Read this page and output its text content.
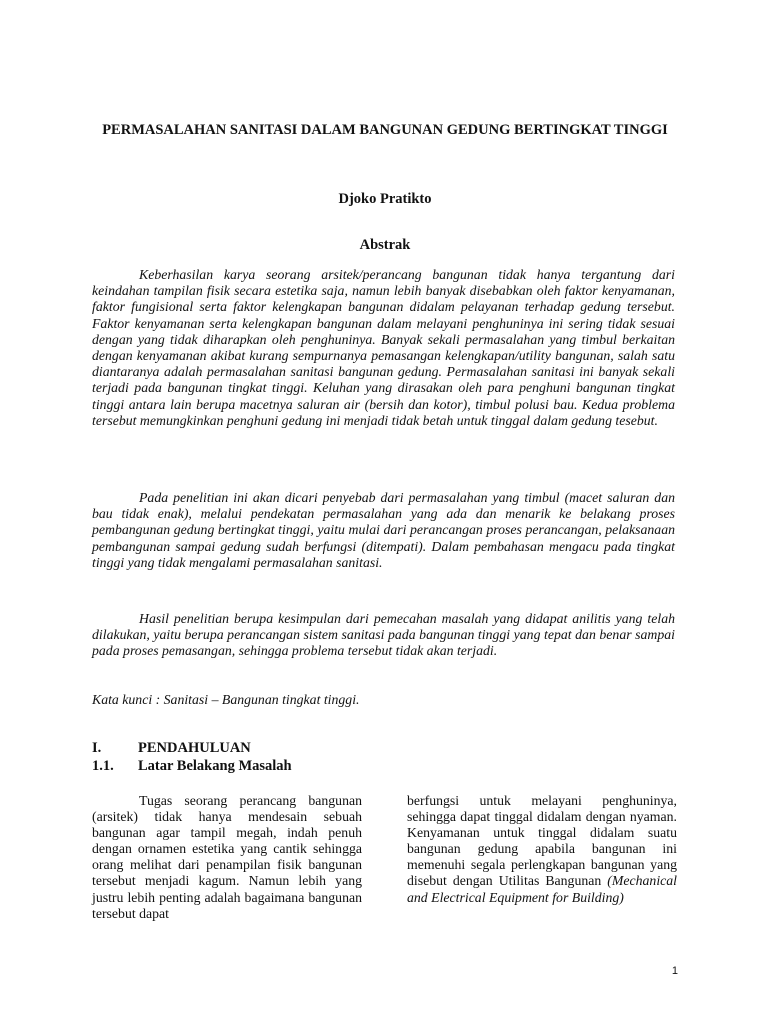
PERMASALAHAN SANITASI DALAM BANGUNAN GEDUNG BERTINGKAT TINGGI
Djoko Pratikto
Abstrak

Keberhasilan karya seorang arsitek/perancang bangunan tidak hanya tergantung dari keindahan tampilan fisik secara estetika saja, namun lebih banyak disebabkan oleh faktor kenyamanan, faktor fungisional serta faktor kelengkapan bangunan didalam pelayanan terhadap gedung tersebut. Faktor kenyamanan serta kelengkapan bangunan dalam melayani penghuninya ini sering tidak sesuai dengan yang tidak diharapkan oleh penghuninya. Banyak sekali permasalahan yang timbul berkaitan dengan kenyamanan akibat kurang sempurnanya pemasangan kelengkapan/utility bangunan, salah satu diantaranya adalah permasalahan sanitasi bangunan gedung. Permasalahan sanitasi ini banyak sekali terjadi pada bangunan tingkat tinggi. Keluhan yang dirasakan oleh para penghuni bangunan tingkat tinggi antara lain berupa macetnya saluran air (bersih dan kotor), timbul polusi bau. Kedua problema tersebut memungkinkan penghuni gedung ini menjadi tidak betah untuk tinggal dalam gedung tesebut.

Pada penelitian ini akan dicari penyebab dari permasalahan yang timbul (macet saluran dan bau tidak enak), melalui pendekatan permasalahan yang ada dan menarik ke belakang proses pembangunan gedung bertingkat tinggi, yaitu mulai dari perancangan proses perancangan, pelaksanaan pembangunan sampai gedung sudah berfungsi (ditempati). Dalam pembahasan mengacu pada tingkat tinggi yang tidak mengalami permasalahan sanitasi.

Hasil penelitian berupa kesimpulan dari pemecahan masalah yang didapat anilitis yang telah dilakukan, yaitu berupa perancangan sistem sanitasi pada bangunan tinggi yang tepat dan benar sampai pada proses pemasangan, sehingga problema tersebut tidak akan terjadi.

Kata kunci : Sanitasi – Bangunan tingkat tinggi.
I.	PENDAHULUAN
1.1.	Latar Belakang Masalah

Tugas seorang perancang bangunan (arsitek) tidak hanya mendesain sebuah bangunan agar tampil megah, indah penuh dengan ornamen estetika yang cantik sehingga orang melihat dari penampilan fisik bangunan tersebut menjadi kagum. Namun lebih yang justru lebih penting adalah bagaimana bangunan tersebut dapat

berfungsi untuk melayani penghuninya, sehingga dapat tinggal didalam dengan nyaman. Kenyamanan untuk tinggal didalam suatu bangunan gedung apabila bangunan ini memenuhi segala perlengkapan bangunan yang disebut dengan Utilitas Bangunan (Mechanical and Electrical Equipment for Building)

1
